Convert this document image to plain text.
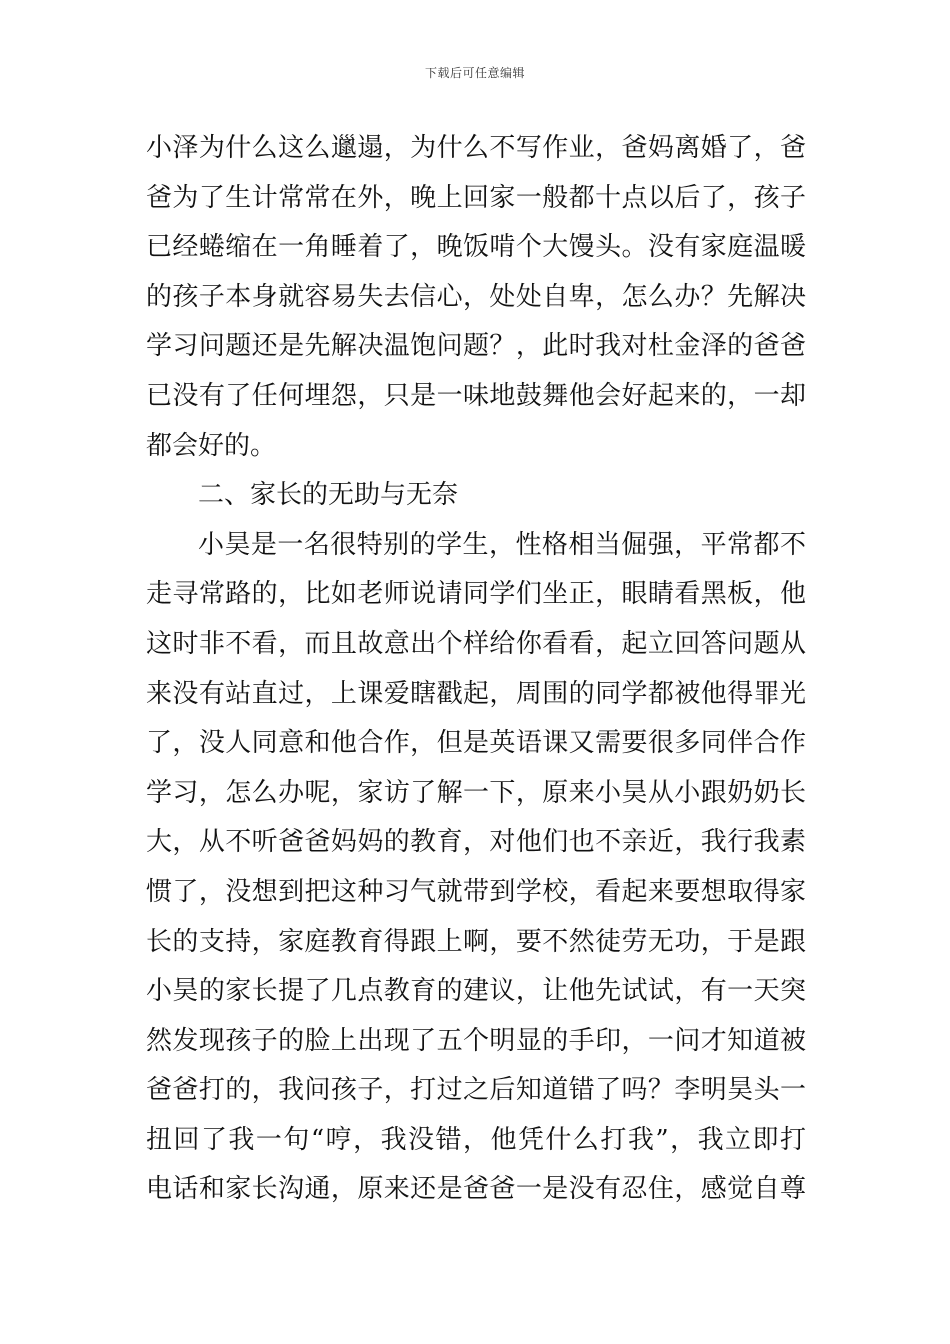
下载后可任意编辑
小泽为什么这么邋遢，为什么不写作业，爸妈离婚了，爸
爸为了生计常常在外，晚上回家一般都十点以后了，孩子
已经蜷缩在一角睡着了，晚饭啃个大馒头。没有家庭温暖
的孩子本身就容易失去信心，处处自卑，怎么办？先解决
学习问题还是先解决温饱问题？，此时我对杜金泽的爸爸
已没有了任何埋怨，只是一味地鼓舞他会好起来的，一却
都会好的。
二、家长的无助与无奈
小昊是一名很特别的学生，性格相当倔强，平常都不
走寻常路的，比如老师说请同学们坐正，眼睛看黑板，他
这时非不看，而且故意出个样给你看看，起立回答问题从
来没有站直过，上课爱瞎戳起，周围的同学都被他得罪光
了，没人同意和他合作，但是英语课又需要很多同伴合作
学习，怎么办呢，家访了解一下，原来小昊从小跟奶奶长
大，从不听爸爸妈妈的教育，对他们也不亲近，我行我素
惯了，没想到把这种习气就带到学校，看起来要想取得家
长的支持，家庭教育得跟上啊，要不然徒劳无功，于是跟
小昊的家长提了几点教育的建议，让他先试试，有一天突
然发现孩子的脸上出现了五个明显的手印，一问才知道被
爸爸打的，我问孩子，打过之后知道错了吗？李明昊头一
扭回了我一句“哼，我没错，他凭什么打我”，我立即打
电话和家长沟通，原来还是爸爸一是没有忍住，感觉自尊
